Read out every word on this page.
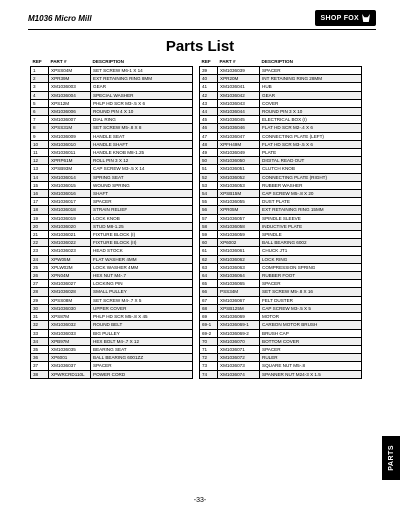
M1036 Micro Mill	SHOP FOX
Parts List
REF	PART #	DESCRIPTION
1	XPSS04M	SET SCREW M6-1 X 14
2	XPR39M	EXT RETAINING RING 8MM
3	XM1036003	GEAR
4	XM1036004	SPECIAL WASHER
5	XPS12M	PHLP HD SCR M3-.5 X 6
6	XM1036006	ROUND PIN 4 X 10
7	XM1036007	DIAL RING
8	XPSS31M	SET SCREW M5-.8 X 8
9	XM1036009	HANDLE SEAT
10	XM1036010	HANDLE SHAFT
11	XM1036011	HANDLE KNOB M8-1.25
12	XPRP61M	ROLL PIN 3 X 12
13	XPSB93M	CAP SCREW M3-.5 X 14
14	XM1036014	SPRING SEAT
15	XM1036015	WOUND SPRING
16	XM1036016	SHAFT
17	XM1036017	SPACER
18	XM1036018	STRAIN RELIEF
19	XM1036019	LOCK KNOB
20	XM1036020	STUD M8-1.25
21	XM1036021	FIXTURE BLOCK (I)
22	XM1036022	FIXTURE BLOCK (II)
23	XM1036023	HEAD STOCK
24	XPW05M	FLAT WASHER 4MM
25	XPLW02M	LOCK WASHER 4MM
26	XPN04M	HEX NUT M4-.7
27	XM1036027	LOCKING PIN
28	XM1036028	SMALL PULLEY
29	XPSS08M	SET SCREW M4-.7 X 5
30	XM1036030	UPPER COVER
31	XPS87M	PHLP HD SCR M5-.8 X 45
32	XM1036032	ROUND BELT
33	XM1036033	BIG PULLEY
34	XPB97M	HEX BOLT M4-.7 X 12
35	XM1036035	BEARING SEAT
36	XP6001	BALL BEARING 6001ZZ
37	XM1036037	SPACER
38	XPWRCRD110L	POWER CORD
REF	PART #	DESCRIPTION
39	XM1036039	SPACER
40	XPR20M	INT RETAINING RING 28MM
41	XM1036041	HUB
42	XM1036042	GEAR
43	XM1036043	COVER
44	XM1036044	ROUND PIN 3 X 10
45	XM1036045	ELECTRICAL BOX (I)
46	XM1036046	FLAT HD SCR M2-.4 X 6
47	XM1036047	CONNECTING PLATE (LEFT)
48	XPFH49M	FLAT HD SCR M3-.5 X 6
49	XM1036049	PLATE
50	XM1036050	DIGITAL READ OUT
51	XM1036051	CLUTCH KNOB
52	XM1036052	CONNECTING PLATE (RIGHT)
53	XM1036053	RUBBER WASHER
54	XPSB15M	CAP SCREW M5-.8 X 20
55	XM1036055	DUST PLATE
56	XPR05M	EXT RETAINING RING 15MM
57	XM1036057	SPINDLE SLEEVE
58	XM1036058	INDUCTIVE PLATE
59	XM1036059	SPINDLE
60	XP6002	BALL BEARING 6002
61	XM1036061	CHUCK JT1
62	XM1036062	LOCK RING
63	XM1036063	COMPRESSION SPRING
64	XM1036064	RUBBER FOOT
65	XM1036065	SPACER
66	PSS34M	SET SCREW M5-.8 X 16
67	XM1036067	FELT DUSTER
68	XPSB125M	CAP SCREW M3-.5 X 5
69	XM1036069	MOTOR
69-1	XM1036069-1	CARBON MOTOR BRUSH
69-2	XM1036069-2	BRUSH CAP
70	XM1036070	BOTTOM COVER
71	XM1036071	SPACER
72	XM1036072	RULER
73	XM1036073	SQUARE NUT M5-.8
74	XM1036074	SPANNER NUT M24-3 X 1.5
PARTS
-33-
